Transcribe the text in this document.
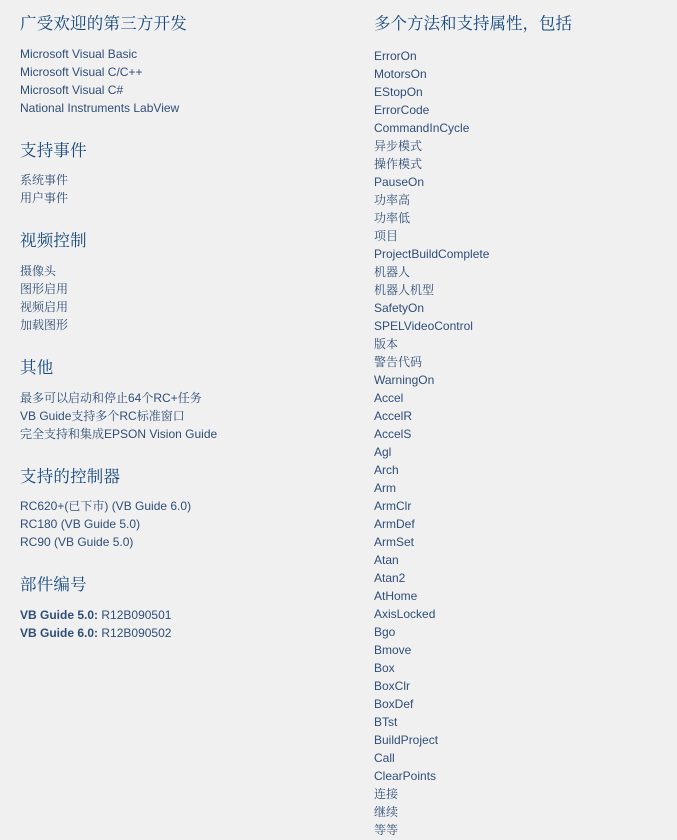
广受欢迎的第三方开发
Microsoft Visual Basic
Microsoft Visual C/C++
Microsoft Visual C#
National Instruments LabView
支持事件
系统事件
用户事件
视频控制
摄像头
图形启用
视频启用
加载图形
其他
最多可以启动和停止64个RC+任务
VB Guide支持多个RC标准窗口
完全支持和集成EPSON Vision Guide
支持的控制器
RC620+(已下市) (VB Guide 6.0)
RC180 (VB Guide 5.0)
RC90 (VB Guide 5.0)
部件编号
VB Guide 5.0: R12B090501
VB Guide 6.0: R12B090502
多个方法和支持属性，包括
ErrorOn
MotorsOn
EStopOn
ErrorCode
CommandInCycle
异步模式
操作模式
PauseOn
功率高
功率低
项目
ProjectBuildComplete
机器人
机器人机型
SafetyOn
SPELVideoControl
版本
警告代码
WarningOn
Accel
AccelR
AccelS
Agl
Arch
Arm
ArmClr
ArmDef
ArmSet
Atan
Atan2
AtHome
AxisLocked
Bgo
Bmove
Box
BoxClr
BoxDef
BTst
BuildProject
Call
ClearPoints
连接
继续
等等
